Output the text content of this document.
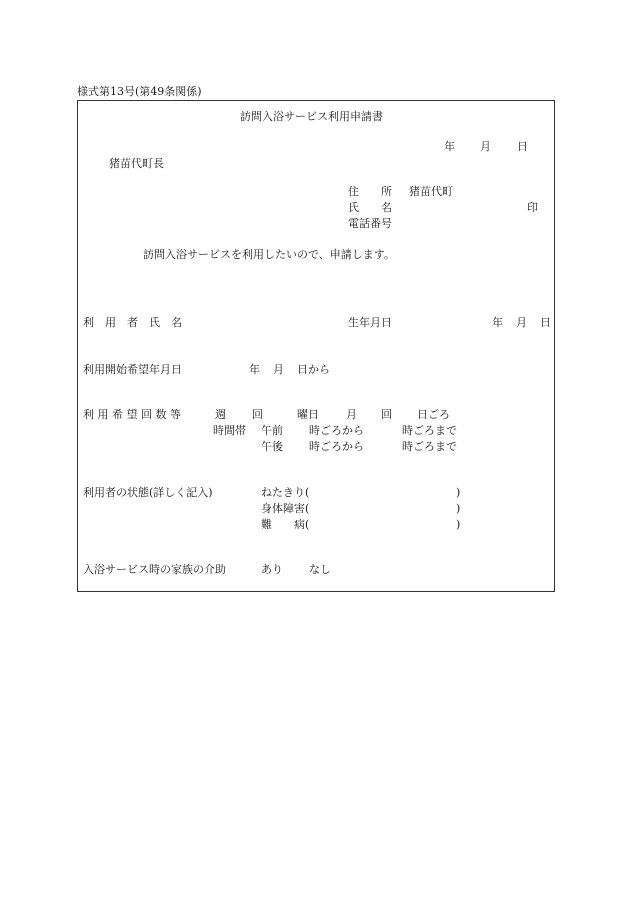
様式第13号(第49条関係)
訪問入浴サービス利用申請書
年 月 日
猪苗代町長
住　　所 猪苗代町
氏　　名	印
電話番号
訪問入浴サービスを利用したいので、申請します。
利　用　者　氏　名	生年月日	年 月 日
利用開始希望年月日	年 月 日から
利 用 希 望 回 数 等	週 回	曜日 月 回 日ごろ
時間帯 午前 時ごろから	時ごろまで
午後 時ごろから	時ごろまで
利用者の状態(詳しく記入)	ねたきり(	)
身体障害(	)
難　　病(	)
入浴サービス時の家族の介助	あり なし
